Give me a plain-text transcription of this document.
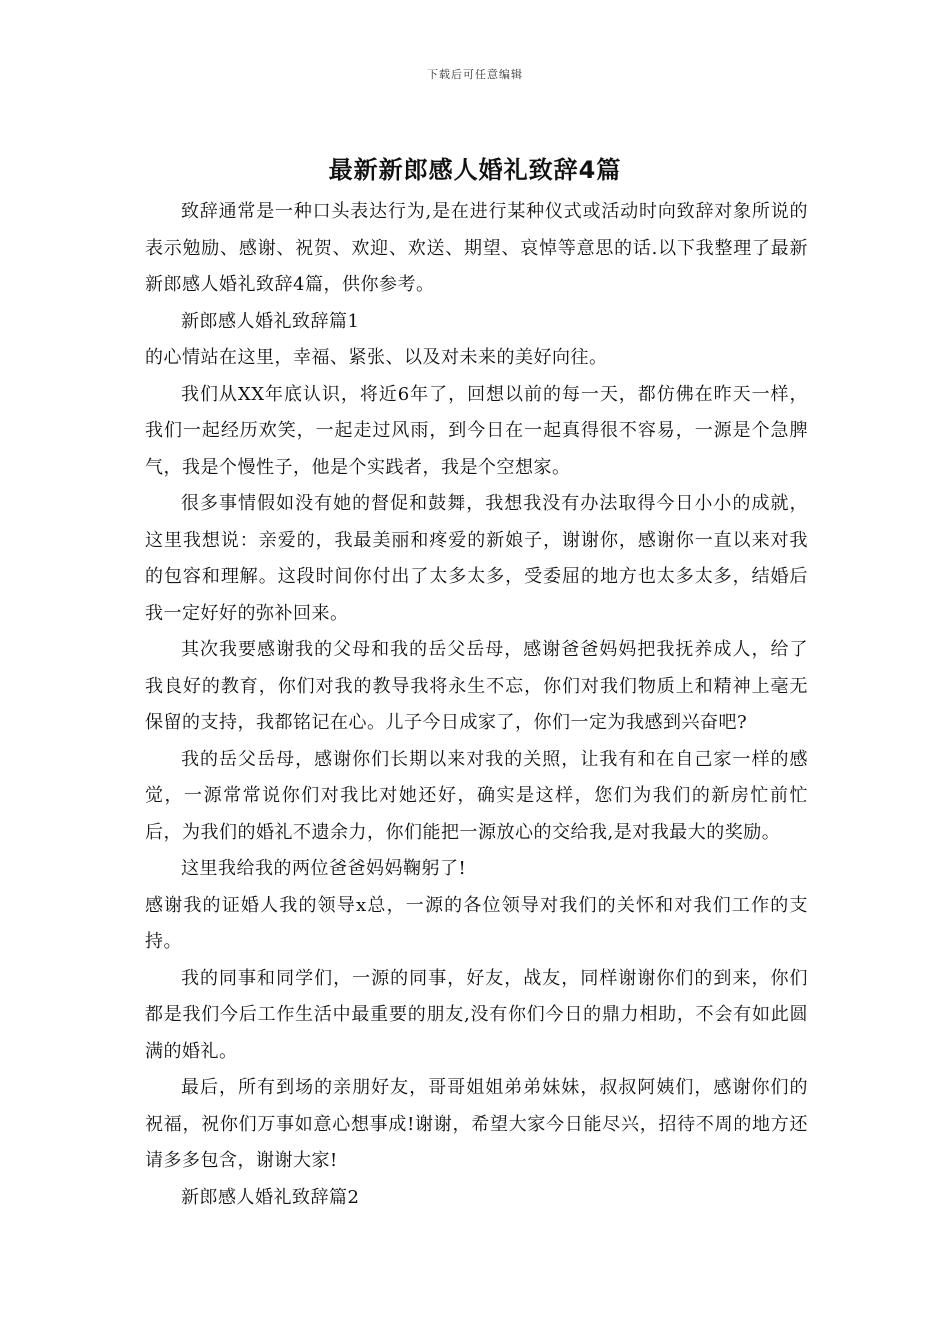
下载后可任意编辑
最新新郎感人婚礼致辞4篇

致辞通常是一种口头表达行为,是在进行某种仪式或活动时向致辞对象所说的表示勉励、感谢、祝贺、欢迎、欢送、期望、哀悼等意思的话.以下我整理了最新新郎感人婚礼致辞4篇，供你参考。

新郎感人婚礼致辞篇1

的心情站在这里，幸福、紧张、以及对未来的美好向往。

我们从XX年底认识，将近6年了，回想以前的每一天，都仿佛在昨天一样，我们一起经历欢笑，一起走过风雨，到今日在一起真得很不容易，一源是个急脾气，我是个慢性子，他是个实践者，我是个空想家。

很多事情假如没有她的督促和鼓舞，我想我没有办法取得今日小小的成就，这里我想说：亲爱的，我最美丽和疼爱的新娘子，谢谢你，感谢你一直以来对我的包容和理解。这段时间你付出了太多太多，受委屈的地方也太多太多，结婚后我一定好好的弥补回来。

其次我要感谢我的父母和我的岳父岳母，感谢爸爸妈妈把我抚养成人，给了我良好的教育，你们对我的教导我将永生不忘，你们对我们物质上和精神上毫无保留的支持，我都铭记在心。儿子今日成家了，你们一定为我感到兴奋吧?

我的岳父岳母，感谢你们长期以来对我的关照，让我有和在自己家一样的感觉，一源常常说你们对我比对她还好，确实是这样，您们为我们的新房忙前忙后，为我们的婚礼不遗余力，你们能把一源放心的交给我,是对我最大的奖励。

这里我给我的两位爸爸妈妈鞠躬了!

感谢我的证婚人我的领导x总，一源的各位领导对我们的关怀和对我们工作的支持。

我的同事和同学们，一源的同事，好友，战友，同样谢谢你们的到来，你们都是我们今后工作生活中最重要的朋友,没有你们今日的鼎力相助，不会有如此圆满的婚礼。

最后，所有到场的亲朋好友，哥哥姐姐弟弟妹妹，叔叔阿姨们，感谢你们的祝福，祝你们万事如意心想事成!谢谢，希望大家今日能尽兴，招待不周的地方还请多多包含，谢谢大家!

新郎感人婚礼致辞篇2
